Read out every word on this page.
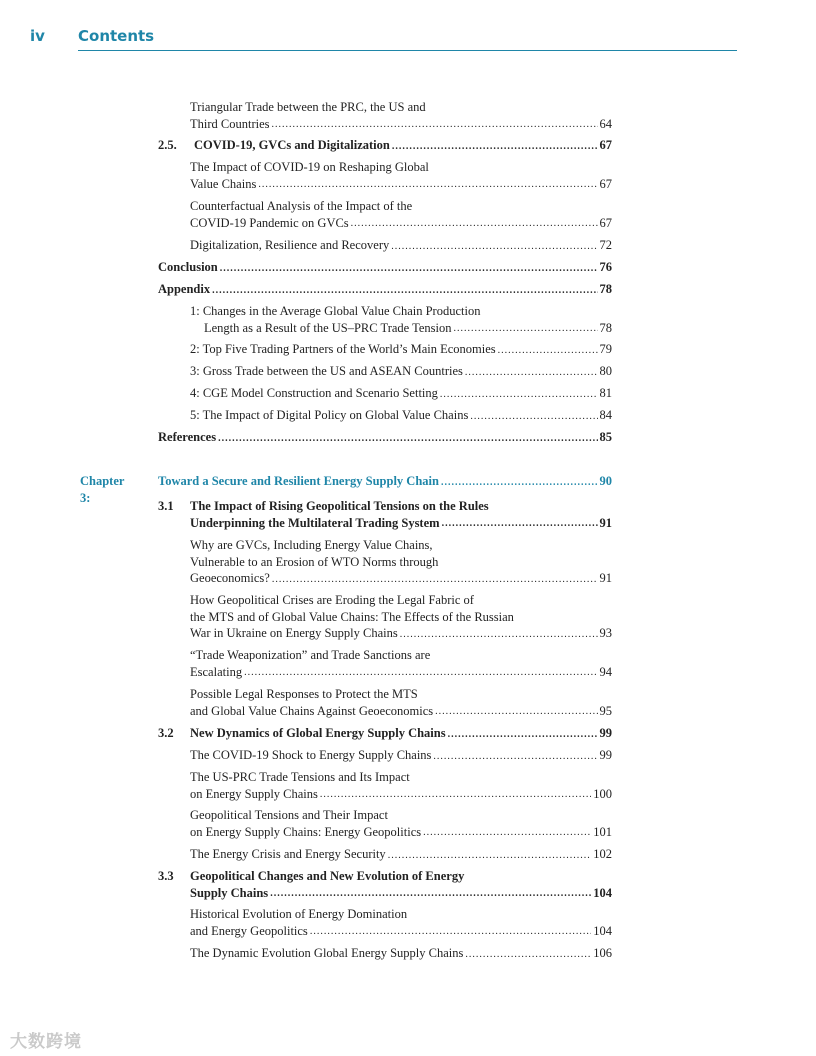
iv Contents
Triangular Trade between the PRC, the US and
Third Countries .....	64
2.5. COVID-19, GVCs and Digitalization .....	67
The Impact of COVID-19 on Reshaping Global
Value Chains .....	67
Counterfactual Analysis of the Impact of the
COVID-19 Pandemic on GVCs .....	67
Digitalization, Resilience and Recovery .....	72
Conclusion .....	76
Appendix .....	78
1: Changes in the Average Global Value Chain Production
Length as a Result of the US–PRC Trade Tension .....	78
2: Top Five Trading Partners of the World’s Main Economies .....	79
3: Gross Trade between the US and ASEAN Countries .....	80
4: CGE Model Construction and Scenario Setting .....	81
5: The Impact of Digital Policy on Global Value Chains .....	84
References .....	85
Chapter 3:
Toward a Secure and Resilient Energy Supply Chain .....	90
3.1 The Impact of Rising Geopolitical Tensions on the Rules
Underpinning the Multilateral Trading System .....	91
Why are GVCs, Including Energy Value Chains,
Vulnerable to an Erosion of WTO Norms through
Geoeconomics? .....	91
How Geopolitical Crises are Eroding the Legal Fabric of
the MTS and of Global Value Chains: The Effects of the Russian
War in Ukraine on Energy Supply Chains .....	93
“Trade Weaponization” and Trade Sanctions are
Escalating .....	94
Possible Legal Responses to Protect the MTS
and Global Value Chains Against Geoeconomics .....	95
3.2 New Dynamics of Global Energy Supply Chains .....	99
The COVID-19 Shock to Energy Supply Chains .....	99
The US-PRC Trade Tensions and Its Impact
on Energy Supply Chains .....	100
Geopolitical Tensions and Their Impact
on Energy Supply Chains: Energy Geopolitics .....	101
The Energy Crisis and Energy Security .....	102
3.3 Geopolitical Changes and New Evolution of Energy
Supply Chains .....	104
Historical Evolution of Energy Domination
and Energy Geopolitics .....	104
The Dynamic Evolution Global Energy Supply Chains .....	106
大数跨境
